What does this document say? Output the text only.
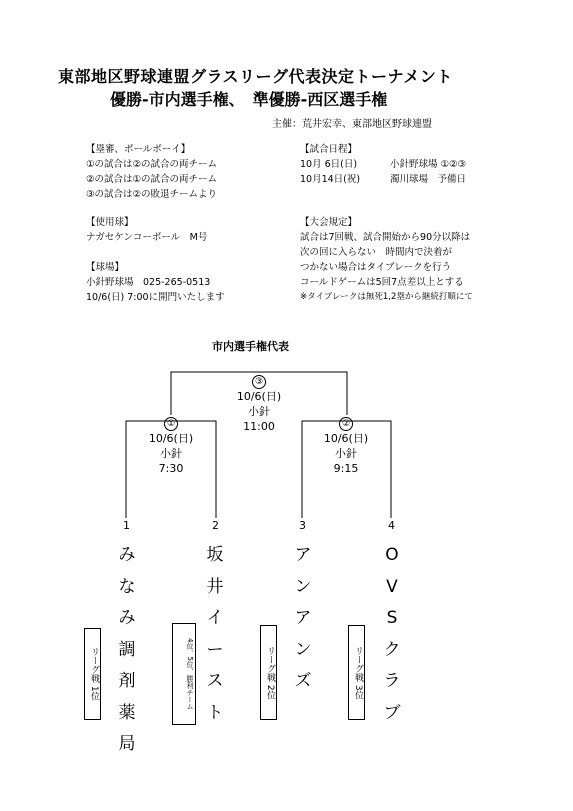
東部地区野球連盟グラスリーグ代表決定トーナメント
優勝-市内選手権、　準優勝-西区選手権
主催：荒井宏幸、東部地区野球連盟
【塁審、ボールボーイ】
①の試合は②の試合の両チーム
②の試合は①の試合の両チーム
③の試合は②の敗退チームより
【試合日程】
10月 6日(日)	小針野球場 ①②③
10月14日(祝)	濁川球場　予備日
【使用球】
ナガセケンコーボール　M号
【大会規定】
試合は7回戦、試合開始から90分以降は
次の回に入らない　時間内で決着が
つかない場合はタイブレークを行う
コールドゲームは5回7点差以上とする
※タイブレークは無死1,2塁から継続打順にて
【球場】
小針野球場　025-265-0513
10/6(日) 7:00に開門いたします
市内選手権代表
③
10/6(日)
小針
11:00
①
10/6(日)
小針
7:30
②
10/6(日)
小針
9:15
1	2	3	4
み
な
み
調
剤
薬
局
リーグ戦 1位
坂
井
イ
ー
ス
ト
4位、5位、勝利チーム
ア
ン
ア
ン
ズ
リーグ戦 2位
O
V
S
ク
ラ
ブ
リーグ戦 3位
